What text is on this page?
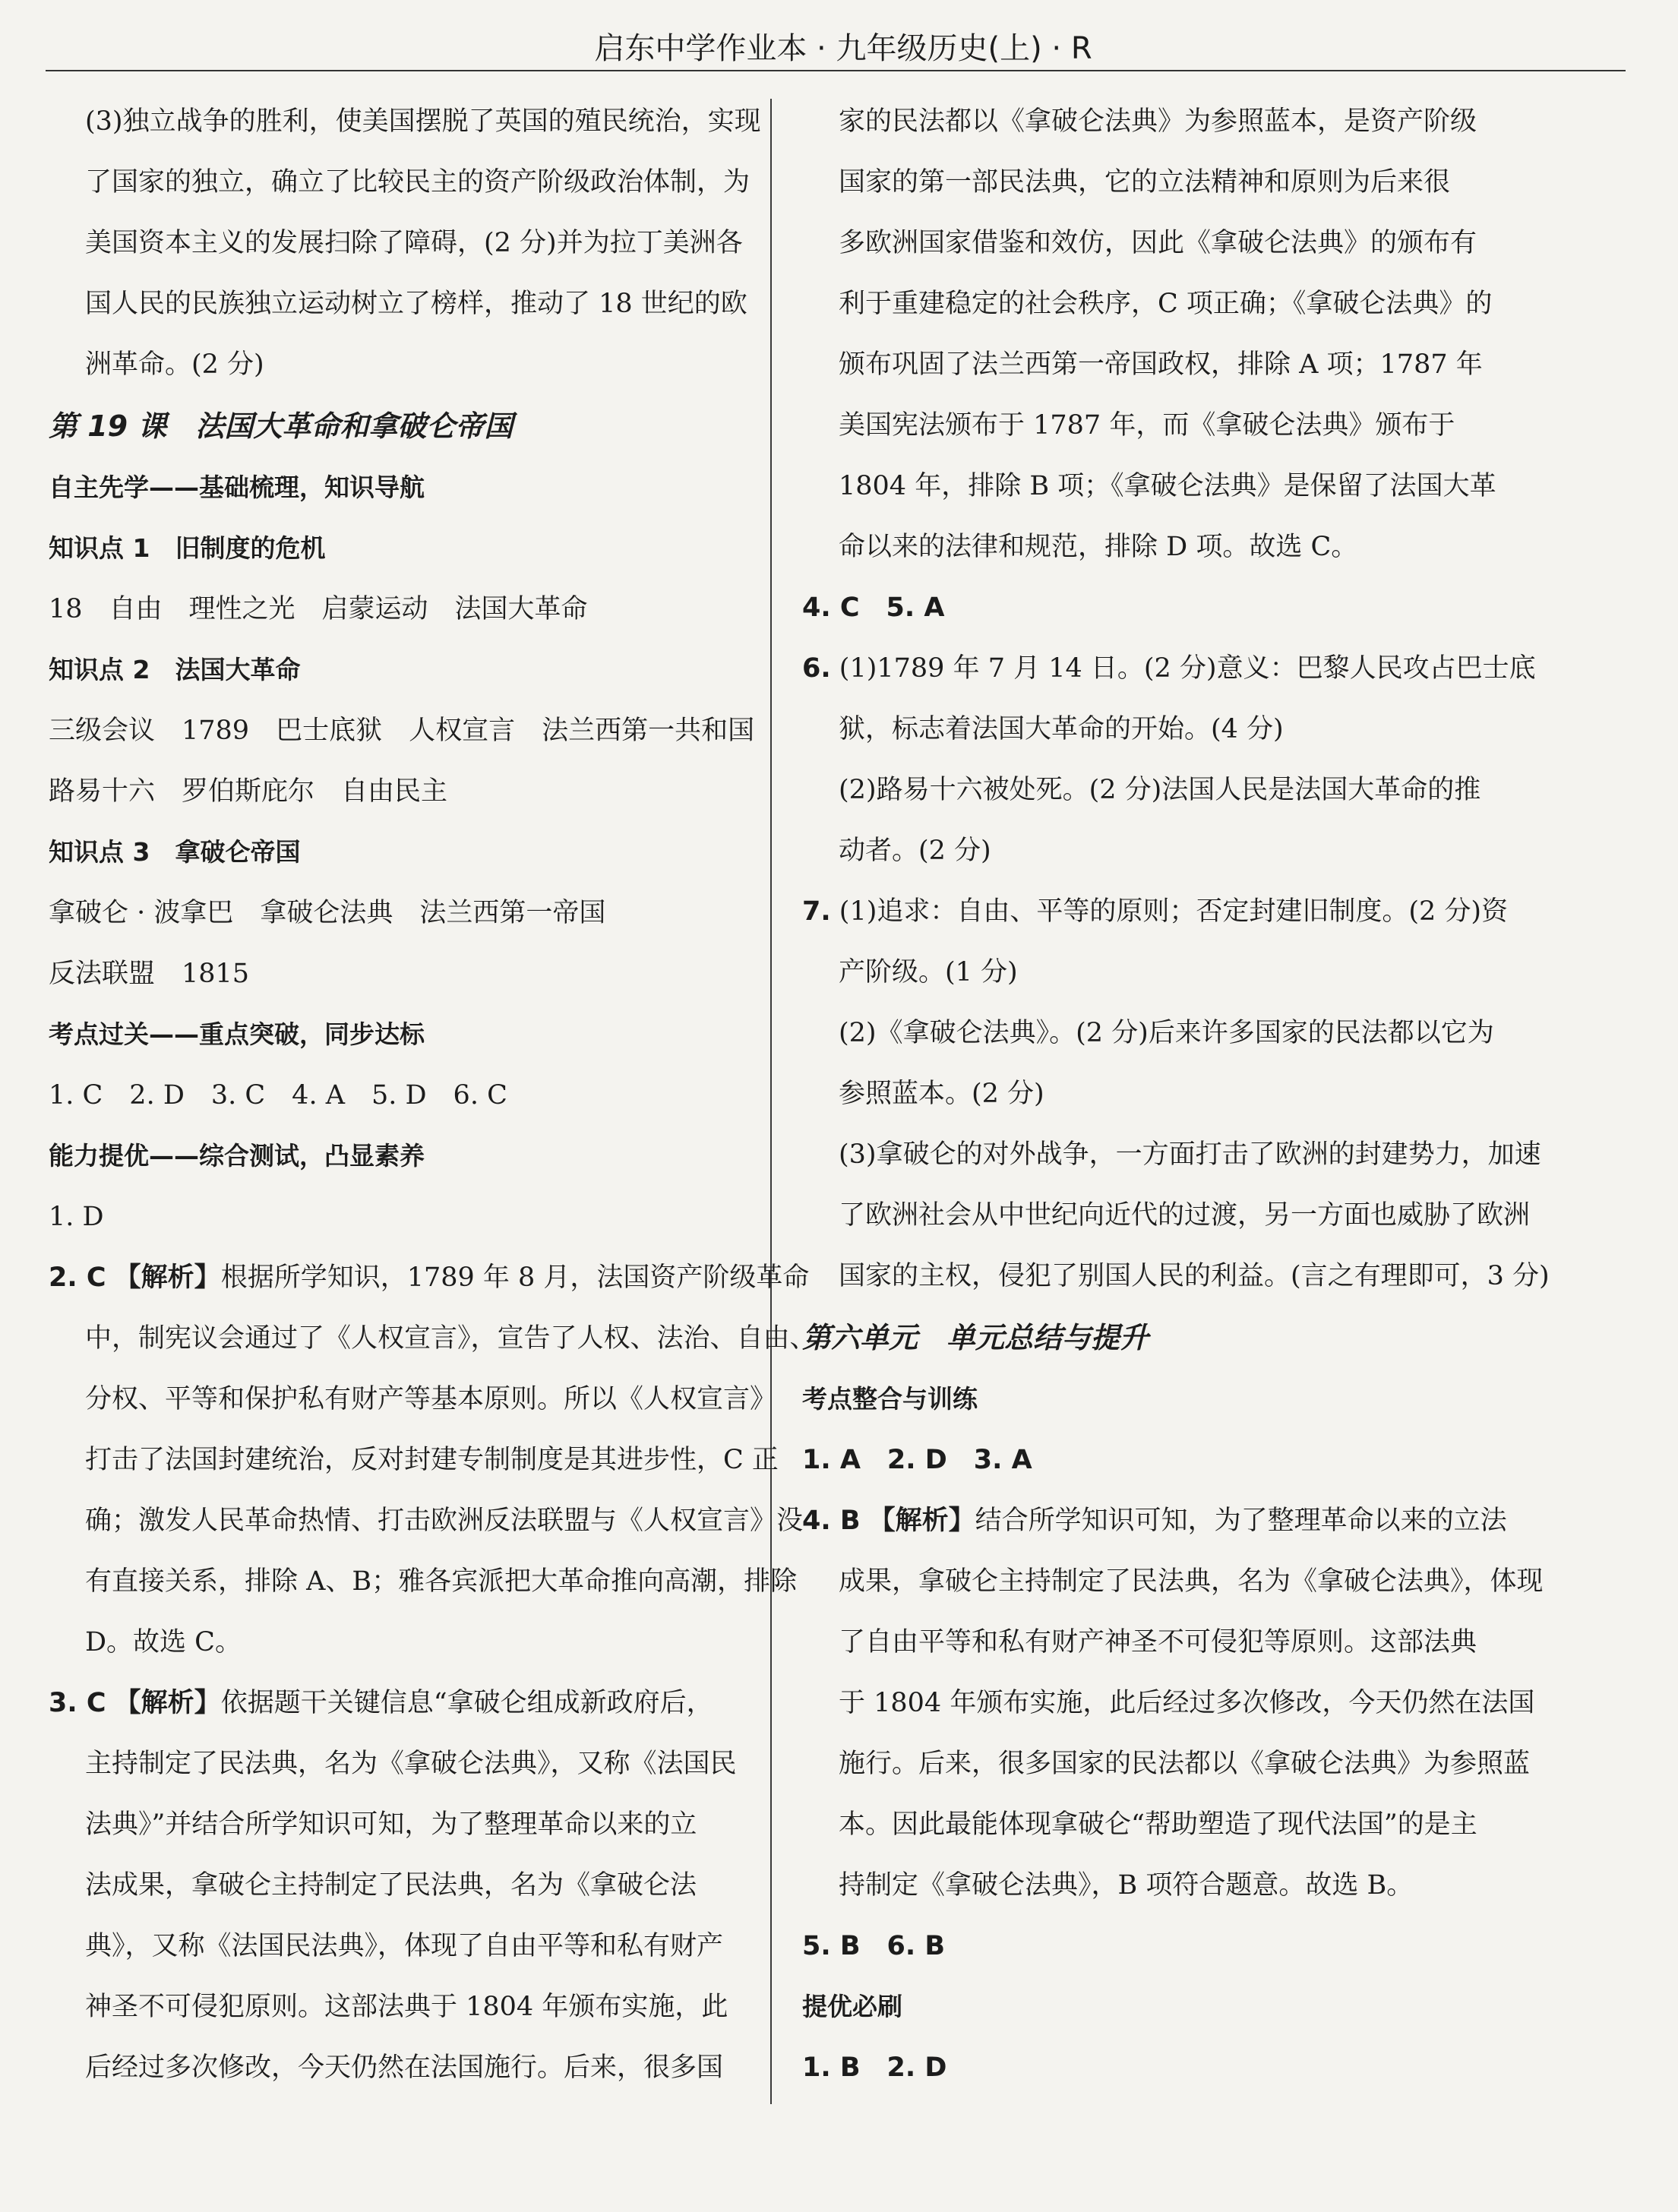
启东中学作业本 · 九年级历史(上) · R
(3)独立战争的胜利，使美国摆脱了英国的殖民统治，实现
了国家的独立，确立了比较民主的资产阶级政治体制，为
美国资本主义的发展扫除了障碍，(2 分)并为拉丁美洲各
国人民的民族独立运动树立了榜样，推动了 18 世纪的欧
洲革命。(2 分)
第 19 课　法国大革命和拿破仑帝国
自主先学——基础梳理，知识导航
知识点 1　旧制度的危机
18　自由　理性之光　启蒙运动　法国大革命
知识点 2　法国大革命
三级会议　1789　巴士底狱　人权宣言　法兰西第一共和国
路易十六　罗伯斯庇尔　自由民主
知识点 3　拿破仑帝国
拿破仑 · 波拿巴　拿破仑法典　法兰西第一帝国
反法联盟　1815
考点过关——重点突破，同步达标
1. C　2. D　3. C　4. A　5. D　6. C
能力提优——综合测试，凸显素养
1. D
2. C 【解析】根据所学知识，1789 年 8 月，法国资产阶级革命
中，制宪议会通过了《人权宣言》，宣告了人权、法治、自由、
分权、平等和保护私有财产等基本原则。所以《人权宣言》
打击了法国封建统治，反对封建专制制度是其进步性，C 正
确；激发人民革命热情、打击欧洲反法联盟与《人权宣言》没
有直接关系，排除 A、B；雅各宾派把大革命推向高潮，排除
D。故选 C。
3. C 【解析】依据题干关键信息“拿破仑组成新政府后，
主持制定了民法典，名为《拿破仑法典》，又称《法国民
法典》”并结合所学知识可知，为了整理革命以来的立
法成果，拿破仑主持制定了民法典，名为《拿破仑法
典》，又称《法国民法典》，体现了自由平等和私有财产
神圣不可侵犯原则。这部法典于 1804 年颁布实施，此
后经过多次修改，今天仍然在法国施行。后来，很多国
家的民法都以《拿破仑法典》为参照蓝本，是资产阶级
国家的第一部民法典，它的立法精神和原则为后来很
多欧洲国家借鉴和效仿，因此《拿破仑法典》的颁布有
利于重建稳定的社会秩序，C 项正确；《拿破仑法典》的
颁布巩固了法兰西第一帝国政权，排除 A 项；1787 年
美国宪法颁布于 1787 年，而《拿破仑法典》颁布于
1804 年，排除 B 项；《拿破仑法典》是保留了法国大革
命以来的法律和规范，排除 D 项。故选 C。
4. C　5. A
6. (1)1789 年 7 月 14 日。(2 分)意义：巴黎人民攻占巴士底
狱，标志着法国大革命的开始。(4 分)
(2)路易十六被处死。(2 分)法国人民是法国大革命的推
动者。(2 分)
7. (1)追求：自由、平等的原则；否定封建旧制度。(2 分)资
产阶级。(1 分)
(2)《拿破仑法典》。(2 分)后来许多国家的民法都以它为
参照蓝本。(2 分)
(3)拿破仑的对外战争，一方面打击了欧洲的封建势力，加速
了欧洲社会从中世纪向近代的过渡，另一方面也威胁了欧洲
国家的主权，侵犯了别国人民的利益。(言之有理即可，3 分)
第六单元　单元总结与提升
考点整合与训练
1. A　2. D　3. A
4. B 【解析】结合所学知识可知，为了整理革命以来的立法
成果，拿破仑主持制定了民法典，名为《拿破仑法典》，体现
了自由平等和私有财产神圣不可侵犯等原则。这部法典
于 1804 年颁布实施，此后经过多次修改，今天仍然在法国
施行。后来，很多国家的民法都以《拿破仑法典》为参照蓝
本。因此最能体现拿破仑“帮助塑造了现代法国”的是主
持制定《拿破仑法典》，B 项符合题意。故选 B。
5. B　6. B
提优必刷
1. B　2. D
